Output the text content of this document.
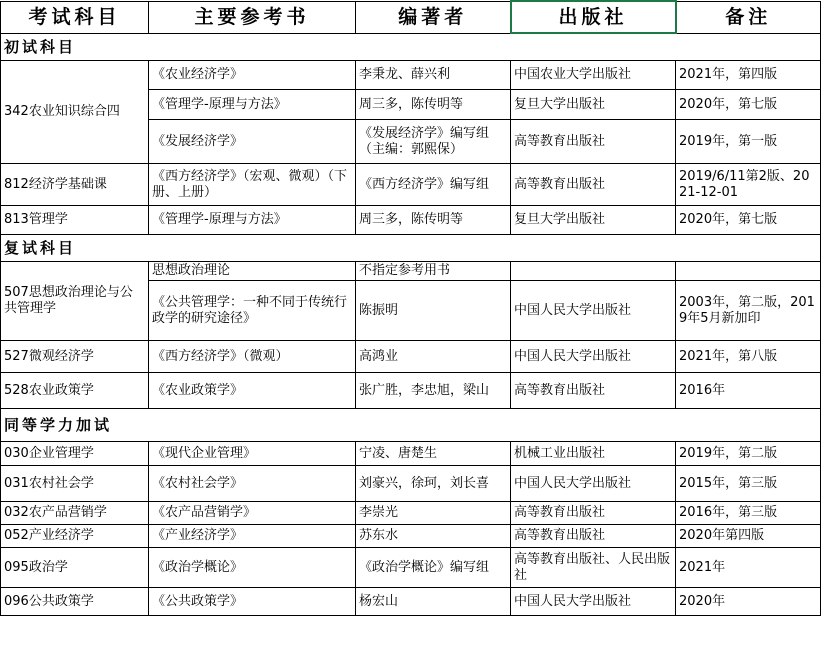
考试科目	主要参考书	编著者	出版社	备注
初试科目				
342农业知识综合四	《农业经济学》	李秉龙、薛兴利	中国农业大学出版社	2021年，第四版
	《管理学-原理与方法》	周三多，陈传明等	复旦大学出版社	2020年，第七版
	《发展经济学》	《发展经济学》编写组（主编：郭熙保）	高等教育出版社	2019年，第一版
812经济学基础课	《西方经济学》（宏观、微观）（下册、上册）	《西方经济学》编写组	高等教育出版社	2019/6/11第2版、2021-12-01
813管理学	《管理学-原理与方法》	周三多，陈传明等	复旦大学出版社	2020年，第七版
复试科目				
507思想政治理论与公共管理学	思想政治理论	不指定参考用书		
	《公共管理学：一种不同于传统行政学的研究途径》	陈振明	中国人民大学出版社	2003年，第二版，2019年5月新加印
527微观经济学	《西方经济学》（微观）	高鸿业	中国人民大学出版社	2021年，第八版
528农业政策学	《农业政策学》	张广胜，李忠旭，梁山	高等教育出版社	2016年
同等学力加试				
030企业管理学	《现代企业管理》	宁凌、唐楚生	机械工业出版社	2019年，第二版
031农村社会学	《农村社会学》	刘豪兴，徐珂，刘长喜	中国人民大学出版社	2015年，第三版
032农产品营销学	《农产品营销学》	李崇光	高等教育出版社	2016年，第三版
052产业经济学	《产业经济学》	苏东水	高等教育出版社	2020年第四版
095政治学	《政治学概论》	《政治学概论》编写组	高等教育出版社、人民出版社	2021年
096公共政策学	《公共政策学》	杨宏山	中国人民大学出版社	2020年
